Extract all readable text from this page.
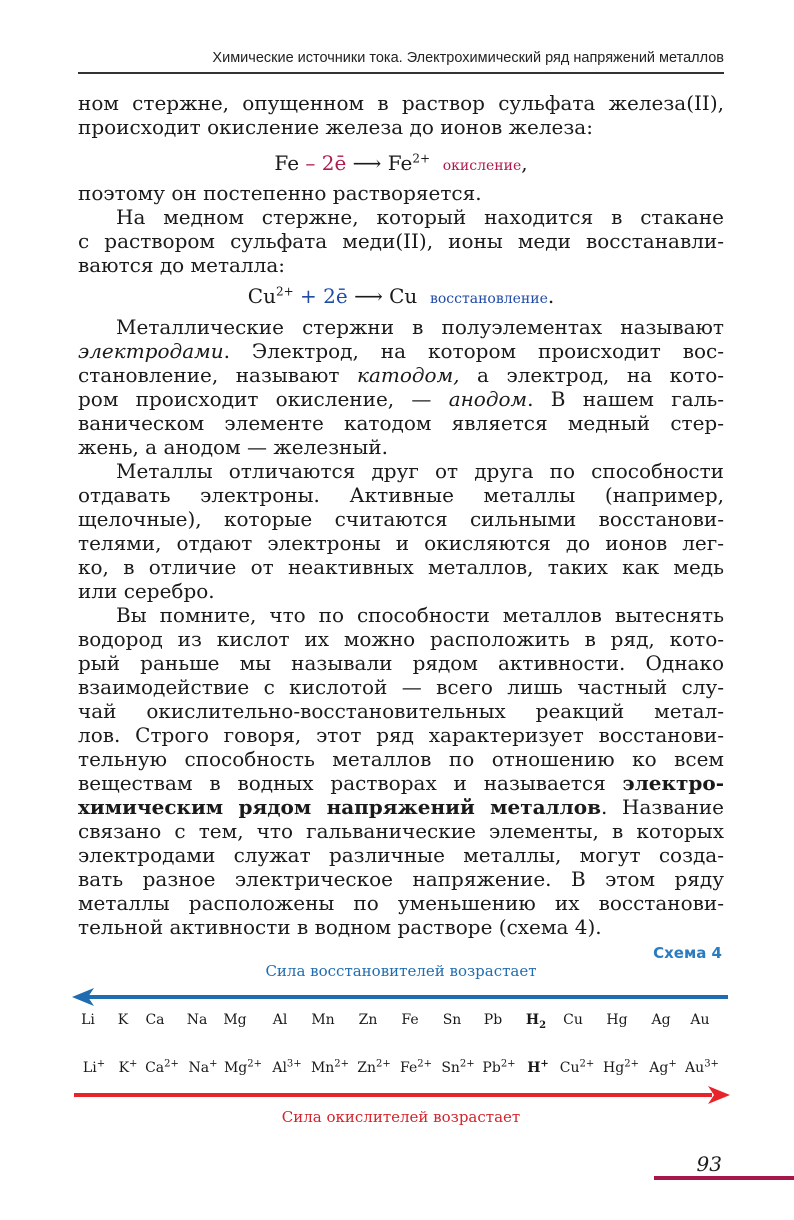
Химические источники тока. Электрохимический ряд напряжений металлов
ном стержне, опущенном в раствор сульфата железа(II),
происходит окисление железа до ионов железа:
Fe – 2ē ⟶ $Fe^{2+}$ окисление,
поэтому он постепенно растворяется.
На медном стержне, который находится в стакане
с раствором сульфата меди(II), ионы меди восстанавли-
ваются до металла:
$Cu^{2+}$ + 2ē ⟶ Cu восстановление.
Металлические стержни в полуэлементах называют
электродами. Электрод, на котором происходит вос-
становление, называют катодом, а электрод, на кото-
ром происходит окисление, — анодом. В нашем галь-
ваническом элементе катодом является медный стер-
жень, а анодом — железный.
Металлы отличаются друг от друга по способности
отдавать электроны. Активные металлы (например,
щелочные), которые считаются сильными восстанови-
телями, отдают электроны и окисляются до ионов лег-
ко, в отличие от неактивных металлов, таких как медь
или серебро.
Вы помните, что по способности металлов вытеснять
водород из кислот их можно расположить в ряд, кото-
рый раньше мы называли рядом активности. Однако
взаимодействие с кислотой — всего лишь частный слу-
чай окислительно-восстановительных реакций метал-
лов. Строго говоря, этот ряд характеризует восстанови-
тельную способность металлов по отношению ко всем
веществам в водных растворах и называется электро-
химическим рядом напряжений металлов. Название
связано с тем, что гальванические элементы, в которых
электродами служат различные металлы, могут созда-
вать разное электрическое напряжение. В этом ряду
металлы расположены по уменьшению их восстанови-
тельной активности в водном растворе (схема 4).
Схема 4
Сила восстановителей возрастает
Li K Ca Na Mg Al Mn Zn Fe Sn Pb $H_2$ Cu Hg Ag Au
Li+ K+ $Ca^{2+}$ Na+ $Mg^{2+}$ $Al^{3+}$ $Mn^{2+}$ $Zn^{2+}$ $Fe^{2+}$ $Sn^{2+}$ $Pb^{2+}$ H+ $Cu^{2+}$ $Hg^{2+}$ Ag+ $Au^{3+}$
Сила окислителей возрастает
93
